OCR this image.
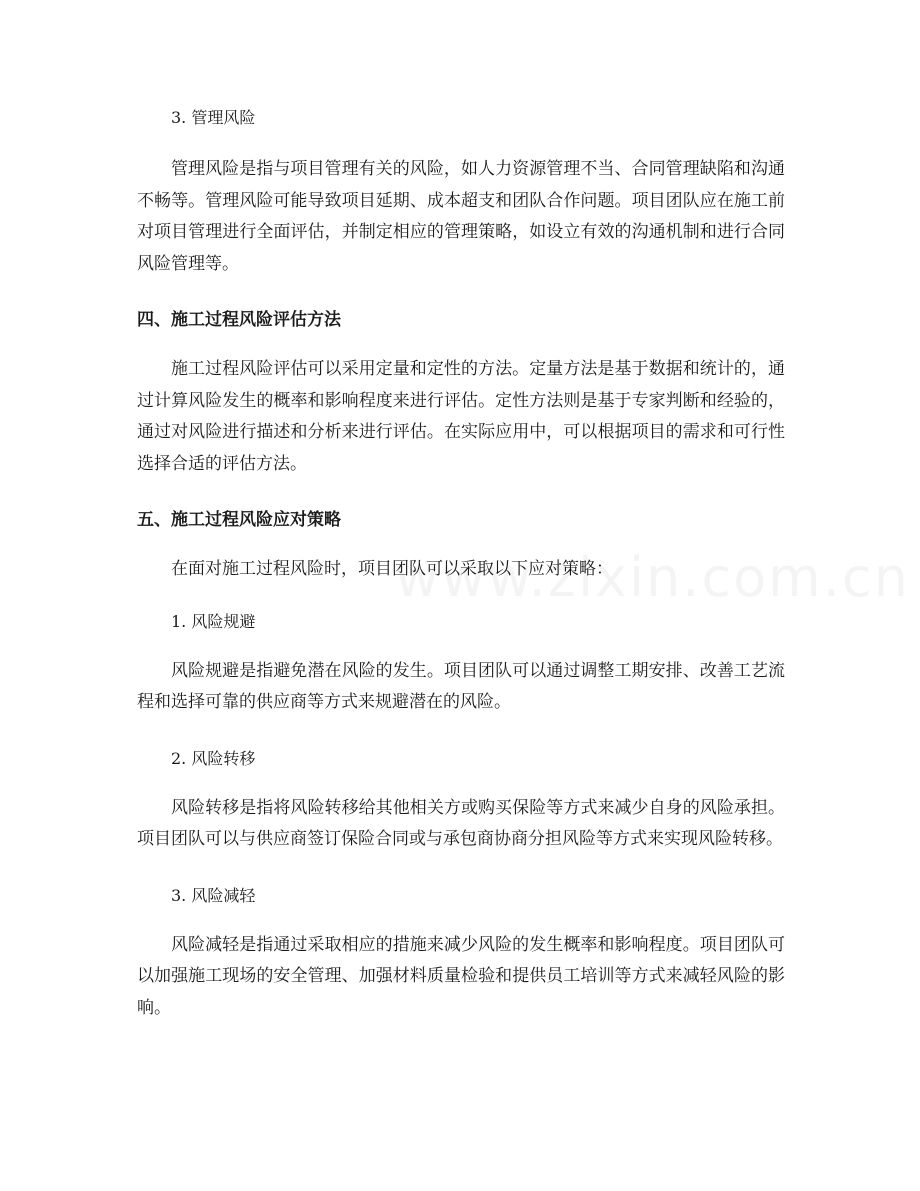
3. 管理风险

管理风险是指与项目管理有关的风险，如人力资源管理不当、合同管理缺陷和沟通不畅等。管理风险可能导致项目延期、成本超支和团队合作问题。项目团队应在施工前对项目管理进行全面评估，并制定相应的管理策略，如设立有效的沟通机制和进行合同风险管理等。

四、施工过程风险评估方法

施工过程风险评估可以采用定量和定性的方法。定量方法是基于数据和统计的，通过计算风险发生的概率和影响程度来进行评估。定性方法则是基于专家判断和经验的，通过对风险进行描述和分析来进行评估。在实际应用中，可以根据项目的需求和可行性选择合适的评估方法。

五、施工过程风险应对策略

在面对施工过程风险时，项目团队可以采取以下应对策略：

1. 风险规避

风险规避是指避免潜在风险的发生。项目团队可以通过调整工期安排、改善工艺流程和选择可靠的供应商等方式来规避潜在的风险。

2. 风险转移

风险转移是指将风险转移给其他相关方或购买保险等方式来减少自身的风险承担。项目团队可以与供应商签订保险合同或与承包商协商分担风险等方式来实现风险转移。

3. 风险减轻

风险减轻是指通过采取相应的措施来减少风险的发生概率和影响程度。项目团队可以加强施工现场的安全管理、加强材料质量检验和提供员工培训等方式来减轻风险的影响。
